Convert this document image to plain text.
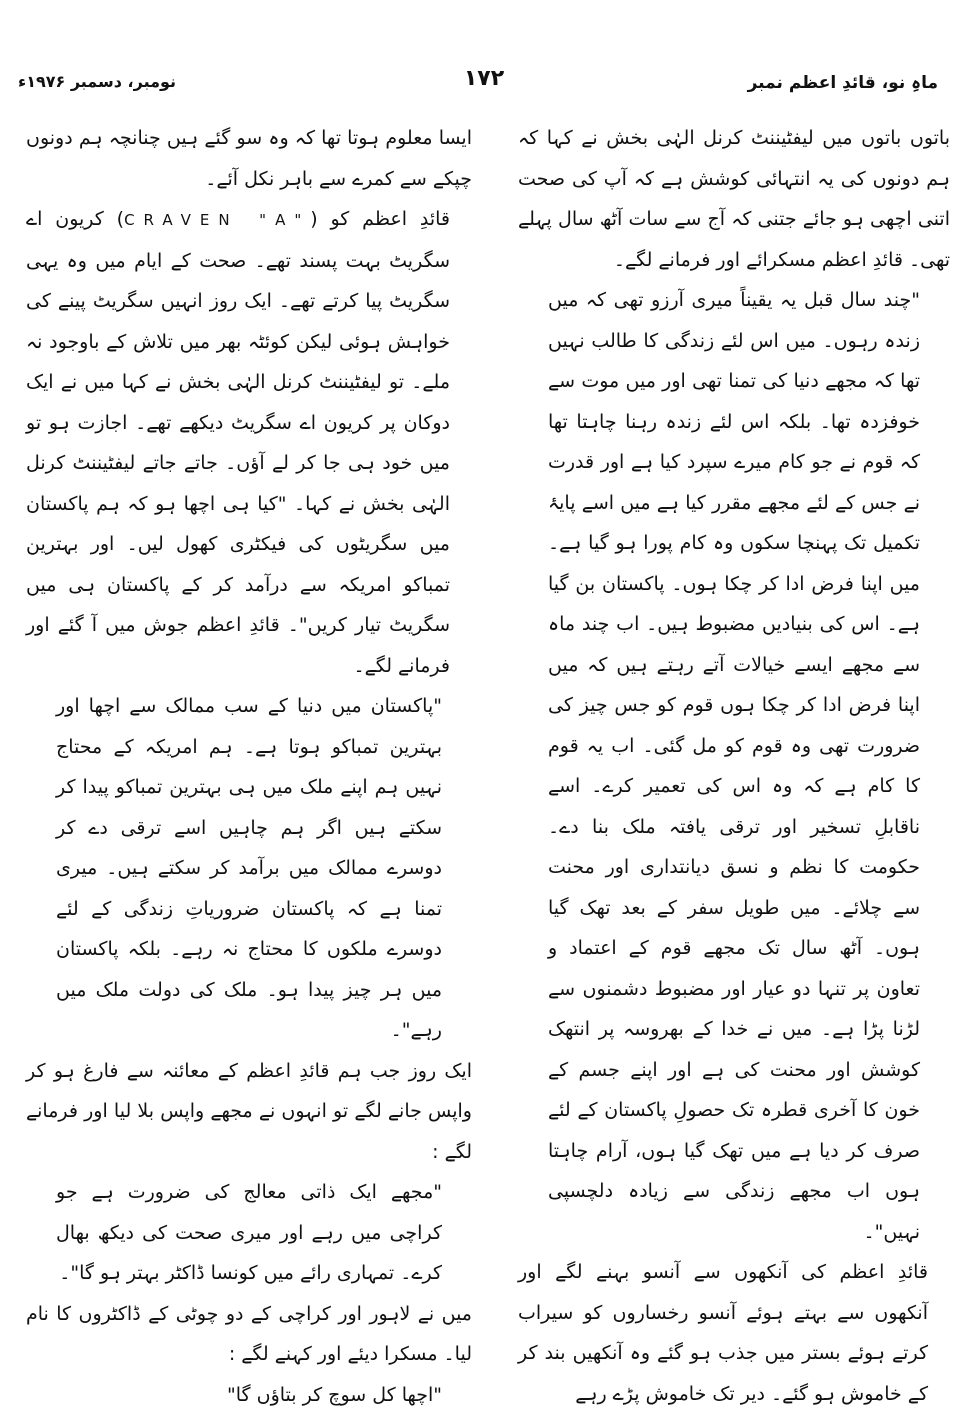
ماہِ نو، قائدِ اعظم نمبر
۱۷۲
نومبر، دسمبر ۱۹۷۶ء

باتوں باتوں میں لیفٹیننٹ کرنل الہٰی بخش نے کہا کہ ہم دونوں کی یہ انتہائی کوشش ہے کہ آپ کی صحت اتنی اچھی ہو جائے جتنی کہ آج سے سات آٹھ سال پہلے تھی۔ قائدِ اعظم مسکرائے اور فرمانے لگے۔

"چند سال قبل یہ یقیناً میری آرزو تھی کہ میں زندہ رہوں۔ میں اس لئے زندگی کا طالب نہیں تھا کہ مجھے دنیا کی تمنا تھی اور میں موت سے خوفزدہ تھا۔ بلکہ اس لئے زندہ رہنا چاہتا تھا کہ قوم نے جو کام میرے سپرد کیا ہے اور قدرت نے جس کے لئے مجھے مقرر کیا ہے میں اسے پایۂ تکمیل تک پہنچا سکوں وہ کام پورا ہو گیا ہے۔ میں اپنا فرض ادا کر چکا ہوں۔ پاکستان بن گیا ہے۔ اس کی بنیادیں مضبوط ہیں۔ اب چند ماہ سے مجھے ایسے خیالات آتے رہتے ہیں کہ میں اپنا فرض ادا کر چکا ہوں قوم کو جس چیز کی ضرورت تھی وہ قوم کو مل گئی۔ اب یہ قوم کا کام ہے کہ وہ اس کی تعمیر کرے۔ اسے ناقابلِ تسخیر اور ترقی یافتہ ملک بنا دے۔ حکومت کا نظم و نسق دیانتداری اور محنت سے چلائے۔ میں طویل سفر کے بعد تھک گیا ہوں۔ آٹھ سال تک مجھے قوم کے اعتماد و تعاون پر تنہا دو عیار اور مضبوط دشمنوں سے لڑنا پڑا ہے۔ میں نے خدا کے بھروسہ پر انتھک کوشش اور محنت کی ہے اور اپنے جسم کے خون کا آخری قطرہ تک حصولِ پاکستان کے لئے صرف کر دیا ہے میں تھک گیا ہوں، آرام چاہتا ہوں اب مجھے زندگی سے زیادہ دلچسپی نہیں"۔

قائدِ اعظم کی آنکھوں سے آنسو بہنے لگے اور آنکھوں سے بہتے ہوئے آنسو رخساروں کو سیراب کرتے ہوئے بستر میں جذب ہو گئے وہ آنکھیں بند کر کے خاموش ہو گئے۔ دیر تک خاموش پڑے رہے

ایسا معلوم ہوتا تھا کہ وہ سو گئے ہیں چنانچہ ہم دونوں چپکے سے کمرے سے باہر نکل آئے۔

قائدِ اعظم کو (CRAVEN "A") کریون اے سگریٹ بہت پسند تھے۔ صحت کے ایام میں وہ یہی سگریٹ پیا کرتے تھے۔ ایک روز انہیں سگریٹ پینے کی خواہش ہوئی لیکن کوئٹہ بھر میں تلاش کے باوجود نہ ملے۔ تو لیفٹیننٹ کرنل الہٰی بخش نے کہا میں نے ایک دوکان پر کریون اے سگریٹ دیکھے تھے۔ اجازت ہو تو میں خود ہی جا کر لے آؤں۔ جاتے جاتے لیفٹیننٹ کرنل الہٰی بخش نے کہا۔ "کیا ہی اچھا ہو کہ ہم پاکستان میں سگریٹوں کی فیکٹری کھول لیں۔ اور بہترین تمباکو امریکہ سے درآمد کر کے پاکستان ہی میں سگریٹ تیار کریں"۔ قائدِ اعظم جوش میں آ گئے اور فرمانے لگے۔

"پاکستان میں دنیا کے سب ممالک سے اچھا اور بہترین تمباکو ہوتا ہے۔ ہم امریکہ کے محتاج نہیں ہم اپنے ملک میں ہی بہترین تمباکو پیدا کر سکتے ہیں اگر ہم چاہیں اسے ترقی دے کر دوسرے ممالک میں برآمد کر سکتے ہیں۔ میری تمنا ہے کہ پاکستان ضروریاتِ زندگی کے لئے دوسرے ملکوں کا محتاج نہ رہے۔ بلکہ پاکستان میں ہر چیز پیدا ہو۔ ملک کی دولت ملک میں رہے"۔

ایک روز جب ہم قائدِ اعظم کے معائنہ سے فارغ ہو کر واپس جانے لگے تو انہوں نے مجھے واپس بلا لیا اور فرمانے لگے :

"مجھے ایک ذاتی معالج کی ضرورت ہے جو کراچی میں رہے اور میری صحت کی دیکھ بھال کرے۔ تمہاری رائے میں کونسا ڈاکٹر بہتر ہو گا"۔

میں نے لاہور اور کراچی کے دو چوٹی کے ڈاکٹروں کا نام لیا۔ مسکرا دیئے اور کہنے لگے :

"اچھا کل سوچ کر بتاؤں گا"
